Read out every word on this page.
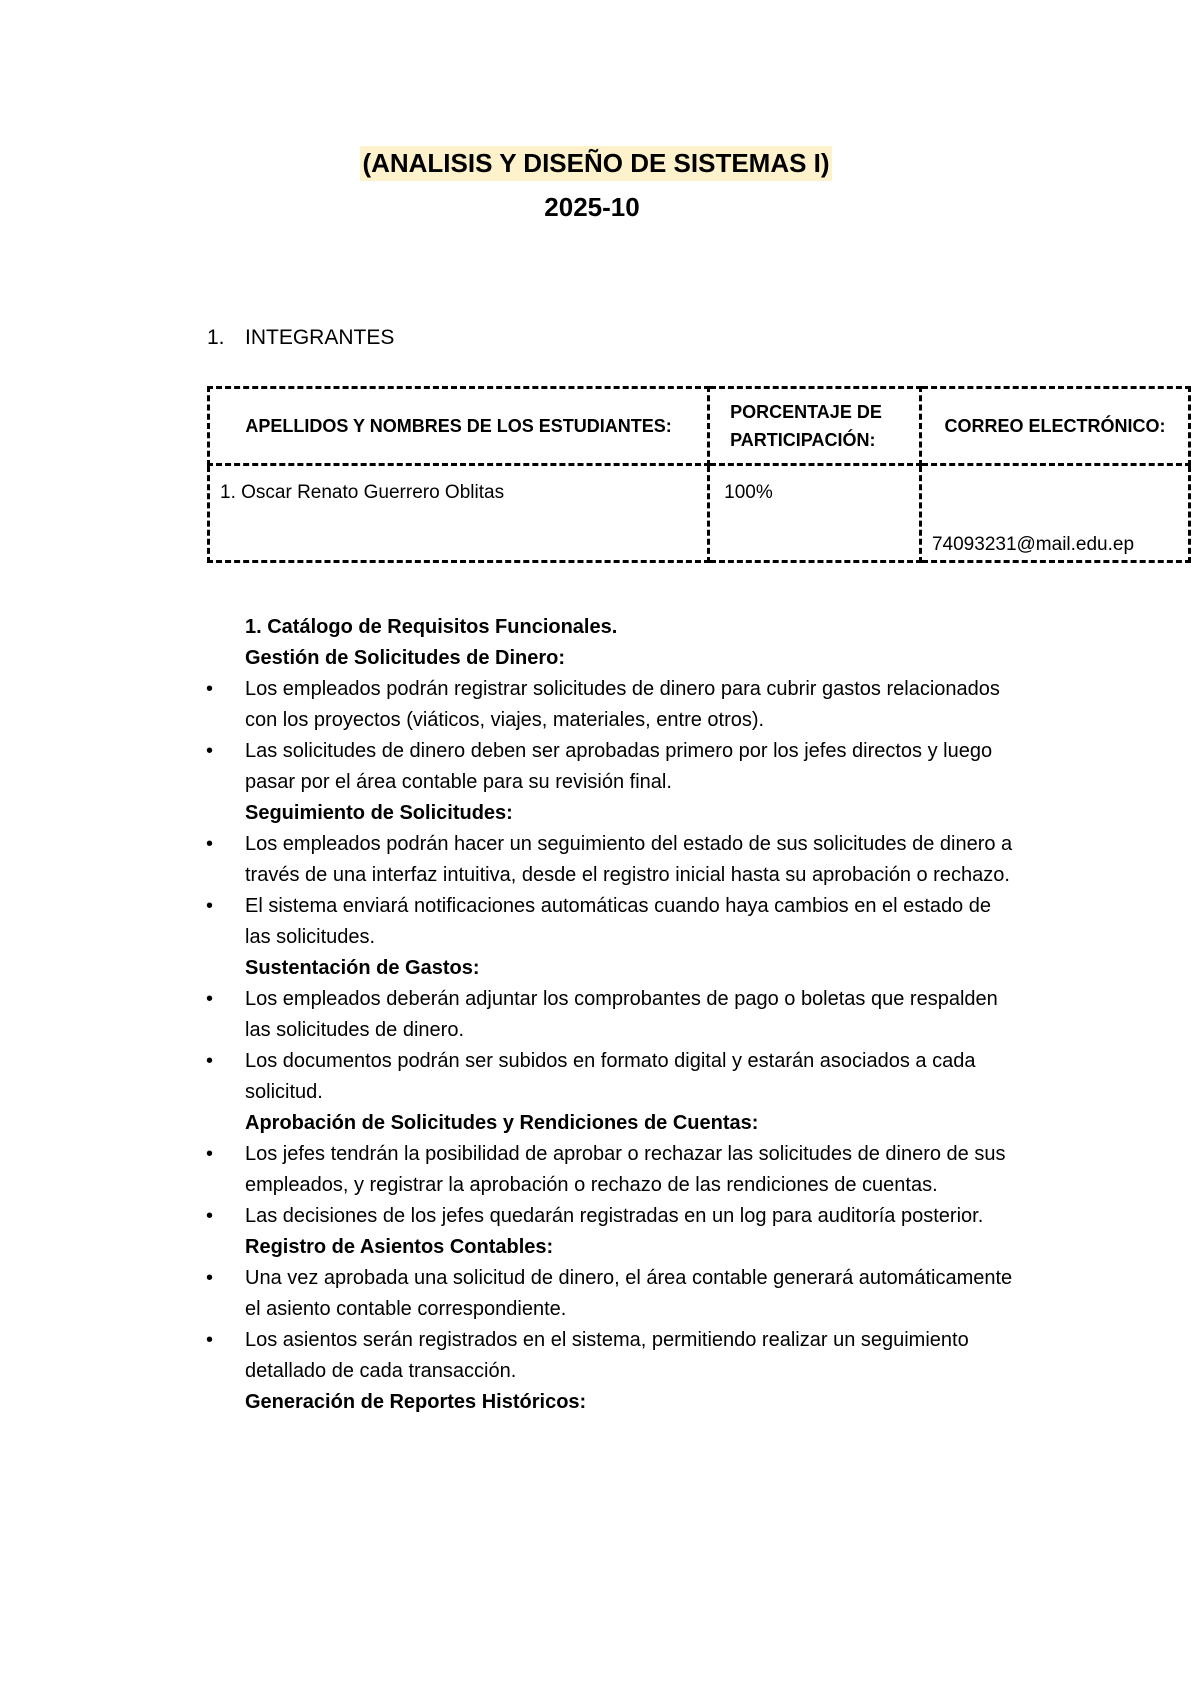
(ANALISIS Y DISEÑO DE SISTEMAS I)
2025-10
1. INTEGRANTES
APELLIDOS Y NOMBRES DE LOS ESTUDIANTES:	PORCENTAJE DE PARTICIPACIÓN:	CORREO ELECTRÓNICO:
1. Oscar Renato Guerrero Oblitas	100%	74093231@mail.edu.ep
1. Catálogo de Requisitos Funcionales.
Gestión de Solicitudes de Dinero:
• Los empleados podrán registrar solicitudes de dinero para cubrir gastos relacionados con los proyectos (viáticos, viajes, materiales, entre otros).
• Las solicitudes de dinero deben ser aprobadas primero por los jefes directos y luego pasar por el área contable para su revisión final.
Seguimiento de Solicitudes:
• Los empleados podrán hacer un seguimiento del estado de sus solicitudes de dinero a través de una interfaz intuitiva, desde el registro inicial hasta su aprobación o rechazo.
• El sistema enviará notificaciones automáticas cuando haya cambios en el estado de las solicitudes.
Sustentación de Gastos:
• Los empleados deberán adjuntar los comprobantes de pago o boletas que respalden las solicitudes de dinero.
• Los documentos podrán ser subidos en formato digital y estarán asociados a cada solicitud.
Aprobación de Solicitudes y Rendiciones de Cuentas:
• Los jefes tendrán la posibilidad de aprobar o rechazar las solicitudes de dinero de sus empleados, y registrar la aprobación o rechazo de las rendiciones de cuentas.
• Las decisiones de los jefes quedarán registradas en un log para auditoría posterior.
Registro de Asientos Contables:
• Una vez aprobada una solicitud de dinero, el área contable generará automáticamente el asiento contable correspondiente.
• Los asientos serán registrados en el sistema, permitiendo realizar un seguimiento detallado de cada transacción.
Generación de Reportes Históricos:
